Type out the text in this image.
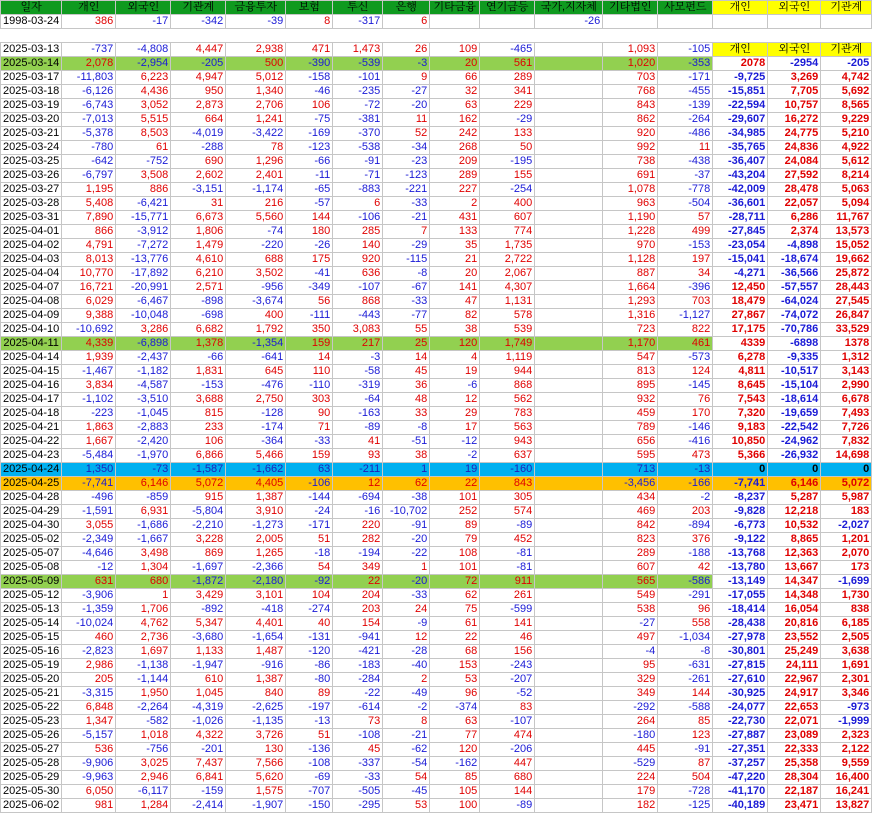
일자	개인	외국인	기관계	금융투자	보험	투신	은행	기타금융	연기금등	국가,지자체	기타법인	사모펀드	개인	외국인	기관계
1998-03-24	386	-17	-342	-39	8	-317	6			-26					

2025-03-13	-737	-4,808	4,447	2,938	471	1,473	26	109	-465		1,093	-105	개인	외국인	기관계
2025-03-14	2,078	-2,954	-205	500	-390	-539	-3	20	561		1,020	-353	2078	-2954	-205
2025-03-17	-11,803	6,223	4,947	5,012	-158	-101	9	66	289		703	-171	-9,725	3,269	4,742
2025-03-18	-6,126	4,436	950	1,340	-46	-235	-27	32	341		768	-455	-15,851	7,705	5,692
2025-03-19	-6,743	3,052	2,873	2,706	106	-72	-20	63	229		843	-139	-22,594	10,757	8,565
2025-03-20	-7,013	5,515	664	1,241	-75	-381	11	162	-29		862	-264	-29,607	16,272	9,229
2025-03-21	-5,378	8,503	-4,019	-3,422	-169	-370	52	242	133		920	-486	-34,985	24,775	5,210
2025-03-24	-780	61	-288	78	-123	-538	-34	268	50		992	11	-35,765	24,836	4,922
2025-03-25	-642	-752	690	1,296	-66	-91	-23	209	-195		738	-438	-36,407	24,084	5,612
2025-03-26	-6,797	3,508	2,602	2,401	-11	-71	-123	289	155		691	-37	-43,204	27,592	8,214
2025-03-27	1,195	886	-3,151	-1,174	-65	-883	-221	227	-254		1,078	-778	-42,009	28,478	5,063
2025-03-28	5,408	-6,421	31	216	-57	6	-33	2	400		963	-504	-36,601	22,057	5,094
2025-03-31	7,890	-15,771	6,673	5,560	144	-106	-21	431	607		1,190	57	-28,711	6,286	11,767
2025-04-01	866	-3,912	1,806	-74	180	285	7	133	774		1,228	499	-27,845	2,374	13,573
2025-04-02	4,791	-7,272	1,479	-220	-26	140	-29	35	1,735		970	-153	-23,054	-4,898	15,052
2025-04-03	8,013	-13,776	4,610	688	175	920	-115	21	2,722		1,128	197	-15,041	-18,674	19,662
2025-04-04	10,770	-17,892	6,210	3,502	-41	636	-8	20	2,067		887	34	-4,271	-36,566	25,872
2025-04-07	16,721	-20,991	2,571	-956	-349	-107	-67	141	4,307		1,664	-396	12,450	-57,557	28,443
2025-04-08	6,029	-6,467	-898	-3,674	56	868	-33	47	1,131		1,293	703	18,479	-64,024	27,545
2025-04-09	9,388	-10,048	-698	400	-111	-443	-77	82	578		1,316	-1,127	27,867	-74,072	26,847
2025-04-10	-10,692	3,286	6,682	1,792	350	3,083	55	38	539		723	822	17,175	-70,786	33,529
2025-04-11	4,339	-6,898	1,378	-1,354	159	217	25	120	1,749		1,170	461	4339	-6898	1378
2025-04-14	1,939	-2,437	-66	-641	14	-3	14	4	1,119		547	-573	6,278	-9,335	1,312
2025-04-15	-1,467	-1,182	1,831	645	110	-58	45	19	944		813	124	4,811	-10,517	3,143
2025-04-16	3,834	-4,587	-153	-476	-110	-319	36	-6	868		895	-145	8,645	-15,104	2,990
2025-04-17	-1,102	-3,510	3,688	2,750	303	-64	48	12	562		932	76	7,543	-18,614	6,678
2025-04-18	-223	-1,045	815	-128	90	-163	33	29	783		459	170	7,320	-19,659	7,493
2025-04-21	1,863	-2,883	233	-174	71	-89	-8	17	563		789	-146	9,183	-22,542	7,726
2025-04-22	1,667	-2,420	106	-364	-33	41	-51	-12	943		656	-416	10,850	-24,962	7,832
2025-04-23	-5,484	-1,970	6,866	5,466	159	93	38	-2	637		595	473	5,366	-26,932	14,698
2025-04-24	1,350	-73	-1,587	-1,662	63	-211	1	19	-160		713	-13	0	0	0
2025-04-25	-7,741	6,146	5,072	4,405	-106	12	62	22	843		-3,456	-166	-7,741	6,146	5,072
2025-04-28	-496	-859	915	1,387	-144	-694	-38	101	305		434	-2	-8,237	5,287	5,987
2025-04-29	-1,591	6,931	-5,804	3,910	-24	-16	-10,702	252	574		469	203	-9,828	12,218	183
2025-04-30	3,055	-1,686	-2,210	-1,273	-171	220	-91	89	-89		842	-894	-6,773	10,532	-2,027
2025-05-02	-2,349	-1,667	3,228	2,005	51	282	-20	79	452		823	376	-9,122	8,865	1,201
2025-05-07	-4,646	3,498	869	1,265	-18	-194	-22	108	-81		289	-188	-13,768	12,363	2,070
2025-05-08	-12	1,304	-1,697	-2,366	54	349	1	101	-81		607	42	-13,780	13,667	173
2025-05-09	631	680	-1,872	-2,180	-92	22	-20	72	911		565	-586	-13,149	14,347	-1,699
2025-05-12	-3,906	1	3,429	3,101	104	204	-33	62	261		549	-291	-17,055	14,348	1,730
2025-05-13	-1,359	1,706	-892	-418	-274	203	24	75	-599		538	96	-18,414	16,054	838
2025-05-14	-10,024	4,762	5,347	4,401	40	154	-9	61	141		-27	558	-28,438	20,816	6,185
2025-05-15	460	2,736	-3,680	-1,654	-131	-941	12	22	46		497	-1,034	-27,978	23,552	2,505
2025-05-16	-2,823	1,697	1,133	1,487	-120	-421	-28	68	156		-4	-8	-30,801	25,249	3,638
2025-05-19	2,986	-1,138	-1,947	-916	-86	-183	-40	153	-243		95	-631	-27,815	24,111	1,691
2025-05-20	205	-1,144	610	1,387	-80	-284	2	53	-207		329	-261	-27,610	22,967	2,301
2025-05-21	-3,315	1,950	1,045	840	89	-22	-49	96	-52		349	144	-30,925	24,917	3,346
2025-05-22	6,848	-2,264	-4,319	-2,625	-197	-614	-2	-374	83		-292	-588	-24,077	22,653	-973
2025-05-23	1,347	-582	-1,026	-1,135	-13	73	8	63	-107		264	85	-22,730	22,071	-1,999
2025-05-26	-5,157	1,018	4,322	3,726	51	-108	-21	77	474		-180	123	-27,887	23,089	2,323
2025-05-27	536	-756	-201	130	-136	45	-62	120	-206		445	-91	-27,351	22,333	2,122
2025-05-28	-9,906	3,025	7,437	7,566	-108	-337	-54	-162	447		-529	87	-37,257	25,358	9,559
2025-05-29	-9,963	2,946	6,841	5,620	-69	-33	54	85	680		224	504	-47,220	28,304	16,400
2025-05-30	6,050	-6,117	-159	1,575	-707	-505	-45	105	144		179	-728	-41,170	22,187	16,241
2025-06-02	981	1,284	-2,414	-1,907	-150	-295	53	100	-89		182	-125	-40,189	23,471	13,827
